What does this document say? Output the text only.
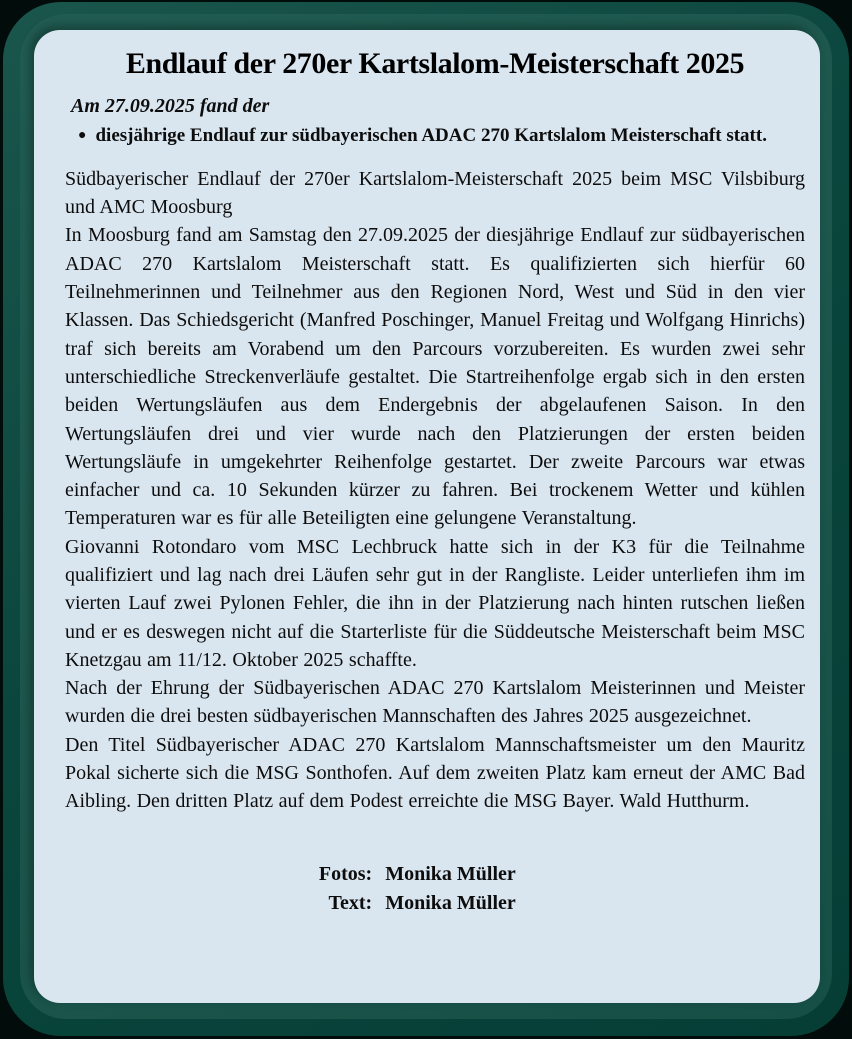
Endlauf der 270er Kartslalom-Meisterschaft 2025
Am 27.09.2025 fand der
● diesjährige Endlauf zur südbayerischen ADAC 270 Kartslalom Meisterschaft statt.

Südbayerischer Endlauf der 270er Kartslalom-Meisterschaft 2025 beim MSC Vilsbiburg und AMC Moosburg

In Moosburg fand am Samstag den 27.09.2025 der diesjährige Endlauf zur südbayerischen ADAC 270 Kartslalom Meisterschaft statt. Es qualifizierten sich hierfür 60 Teilnehmerinnen und Teilnehmer aus den Regionen Nord, West und Süd in den vier Klassen. Das Schiedsgericht (Manfred Poschinger, Manuel Freitag und Wolfgang Hinrichs) traf sich bereits am Vorabend um den Parcours vorzubereiten. Es wurden zwei sehr unterschiedliche Streckenverläufe gestaltet. Die Startreihenfolge ergab sich in den ersten beiden Wertungsläufen aus dem Endergebnis der abgelaufenen Saison. In den Wertungsläufen drei und vier wurde nach den Platzierungen der ersten beiden Wertungsläufe in umgekehrter Reihenfolge gestartet. Der zweite Parcours war etwas einfacher und ca. 10 Sekunden kürzer zu fahren. Bei trockenem Wetter und kühlen Temperaturen war es für alle Beteiligten eine gelungene Veranstaltung.

Giovanni Rotondaro vom MSC Lechbruck hatte sich in der K3 für die Teilnahme qualifiziert und lag nach drei Läufen sehr gut in der Rangliste. Leider unterliefen ihm im vierten Lauf zwei Pylonen Fehler, die ihn in der Platzierung nach hinten rutschen ließen und er es deswegen nicht auf die Starterliste für die Süddeutsche Meisterschaft beim MSC Knetzgau am 11/12. Oktober 2025 schaffte.

Nach der Ehrung der Südbayerischen ADAC 270 Kartslalom Meisterinnen und Meister wurden die drei besten südbayerischen Mannschaften des Jahres 2025 ausgezeichnet.

Den Titel Südbayerischer ADAC 270 Kartslalom Mannschaftsmeister um den Mauritz Pokal sicherte sich die MSG Sonthofen. Auf dem zweiten Platz kam erneut der AMC Bad Aibling. Den dritten Platz auf dem Podest erreichte die MSG Bayer. Wald Hutthurm.

Fotos: Monika Müller
Text: Monika Müller
